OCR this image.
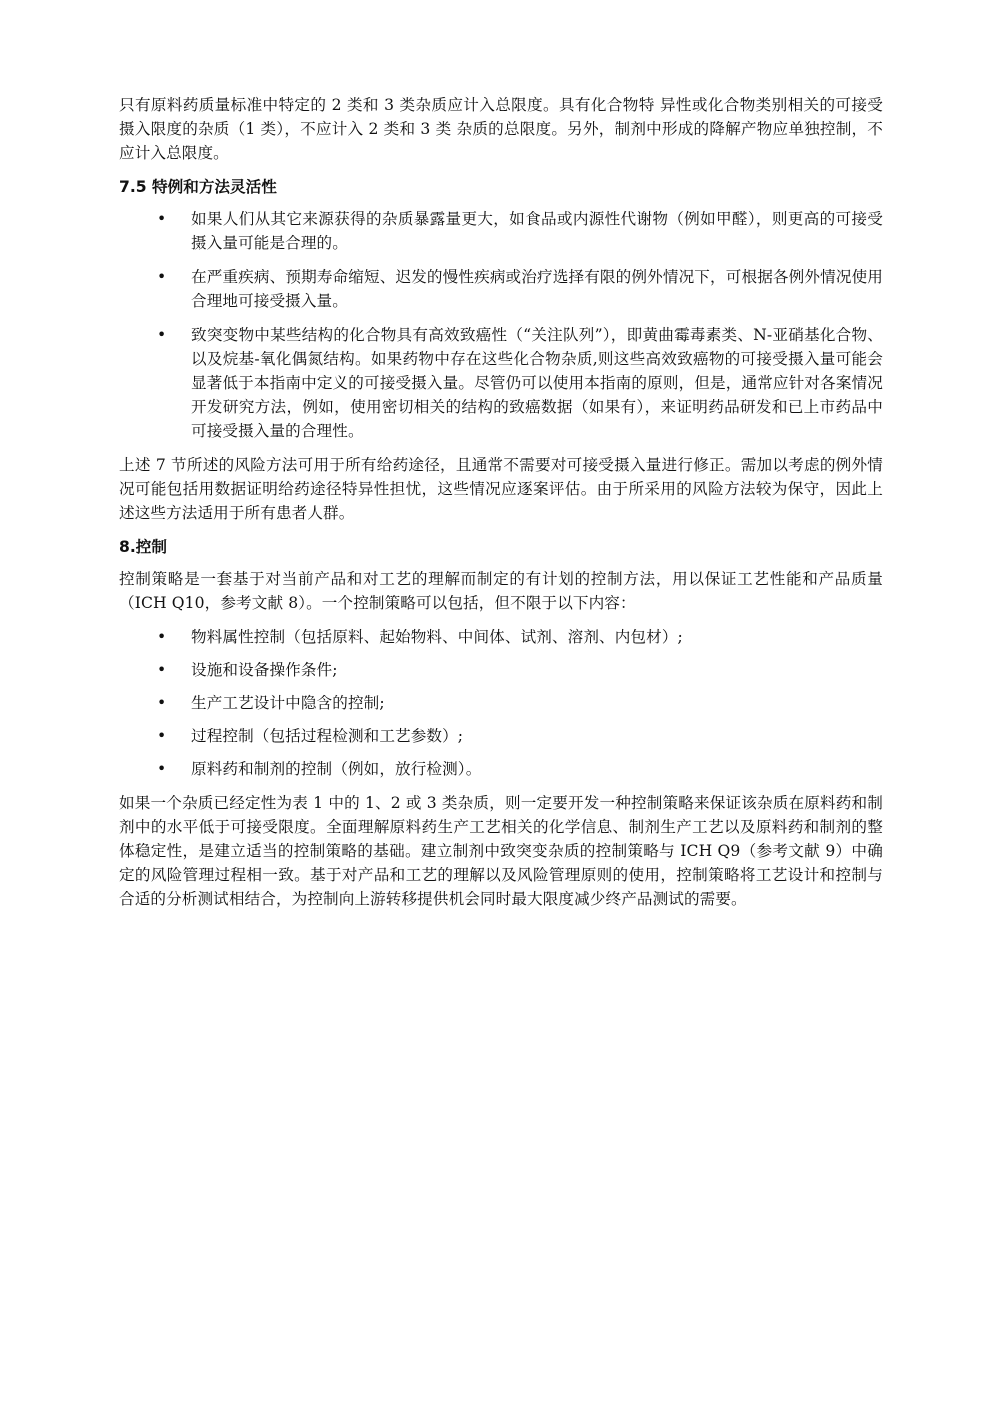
只有原料药质量标准中特定的 2 类和 3 类杂质应计入总限度。具有化合物特 异性或化合物类别相关的可接受摄入限度的杂质（1 类），不应计入 2 类和 3 类 杂质的总限度。另外，制剂中形成的降解产物应单独控制，不应计入总限度。

7.5 特例和方法灵活性
•	如果人们从其它来源获得的杂质暴露量更大，如食品或内源性代谢物（例如甲醛），则更高的可接受摄入量可能是合理的。

•	在严重疾病、预期寿命缩短、迟发的慢性疾病或治疗选择有限的例外情况下，可根据各例外情况使用合理地可接受摄入量。

•	致突变物中某些结构的化合物具有高效致癌性（“关注队列”），即黄曲霉毒素类、N-亚硝基化合物、以及烷基-氧化偶氮结构。如果药物中存在这些化合物杂质,则这些高效致癌物的可接受摄入量可能会显著低于本指南中定义的可接受摄入量。尽管仍可以使用本指南的原则，但是，通常应针对各案情况开发研究方法，例如，使用密切相关的结构的致癌数据（如果有），来证明药品研发和已上市药品中可接受摄入量的合理性。

上述 7 节所述的风险方法可用于所有给药途径，且通常不需要对可接受摄入量进行修正。需加以考虑的例外情况可能包括用数据证明给药途径特异性担忧，这些情况应逐案评估。由于所采用的风险方法较为保守，因此上述这些方法适用于所有患者人群。

8.控制

控制策略是一套基于对当前产品和对工艺的理解而制定的有计划的控制方法，用以保证工艺性能和产品质量（ICH Q10，参考文献 8）。一个控制策略可以包括，但不限于以下内容：

•	物料属性控制（包括原料、起始物料、中间体、试剂、溶剂、内包材）;

•	设施和设备操作条件;

•	生产工艺设计中隐含的控制;

•	过程控制（包括过程检测和工艺参数）;

•	原料药和制剂的控制（例如，放行检测）。

如果一个杂质已经定性为表 1 中的 1、2 或 3 类杂质，则一定要开发一种控制策略来保证该杂质在原料药和制剂中的水平低于可接受限度。全面理解原料药生产工艺相关的化学信息、制剂生产工艺以及原料药和制剂的整体稳定性，是建立适当的控制策略的基础。建立制剂中致突变杂质的控制策略与 ICH Q9（参考文献 9）中确定的风险管理过程相一致。基于对产品和工艺的理解以及风险管理原则的使用，控制策略将工艺设计和控制与合适的分析测试相结合，为控制向上游转移提供机会同时最大限度减少终产品测试的需要。
